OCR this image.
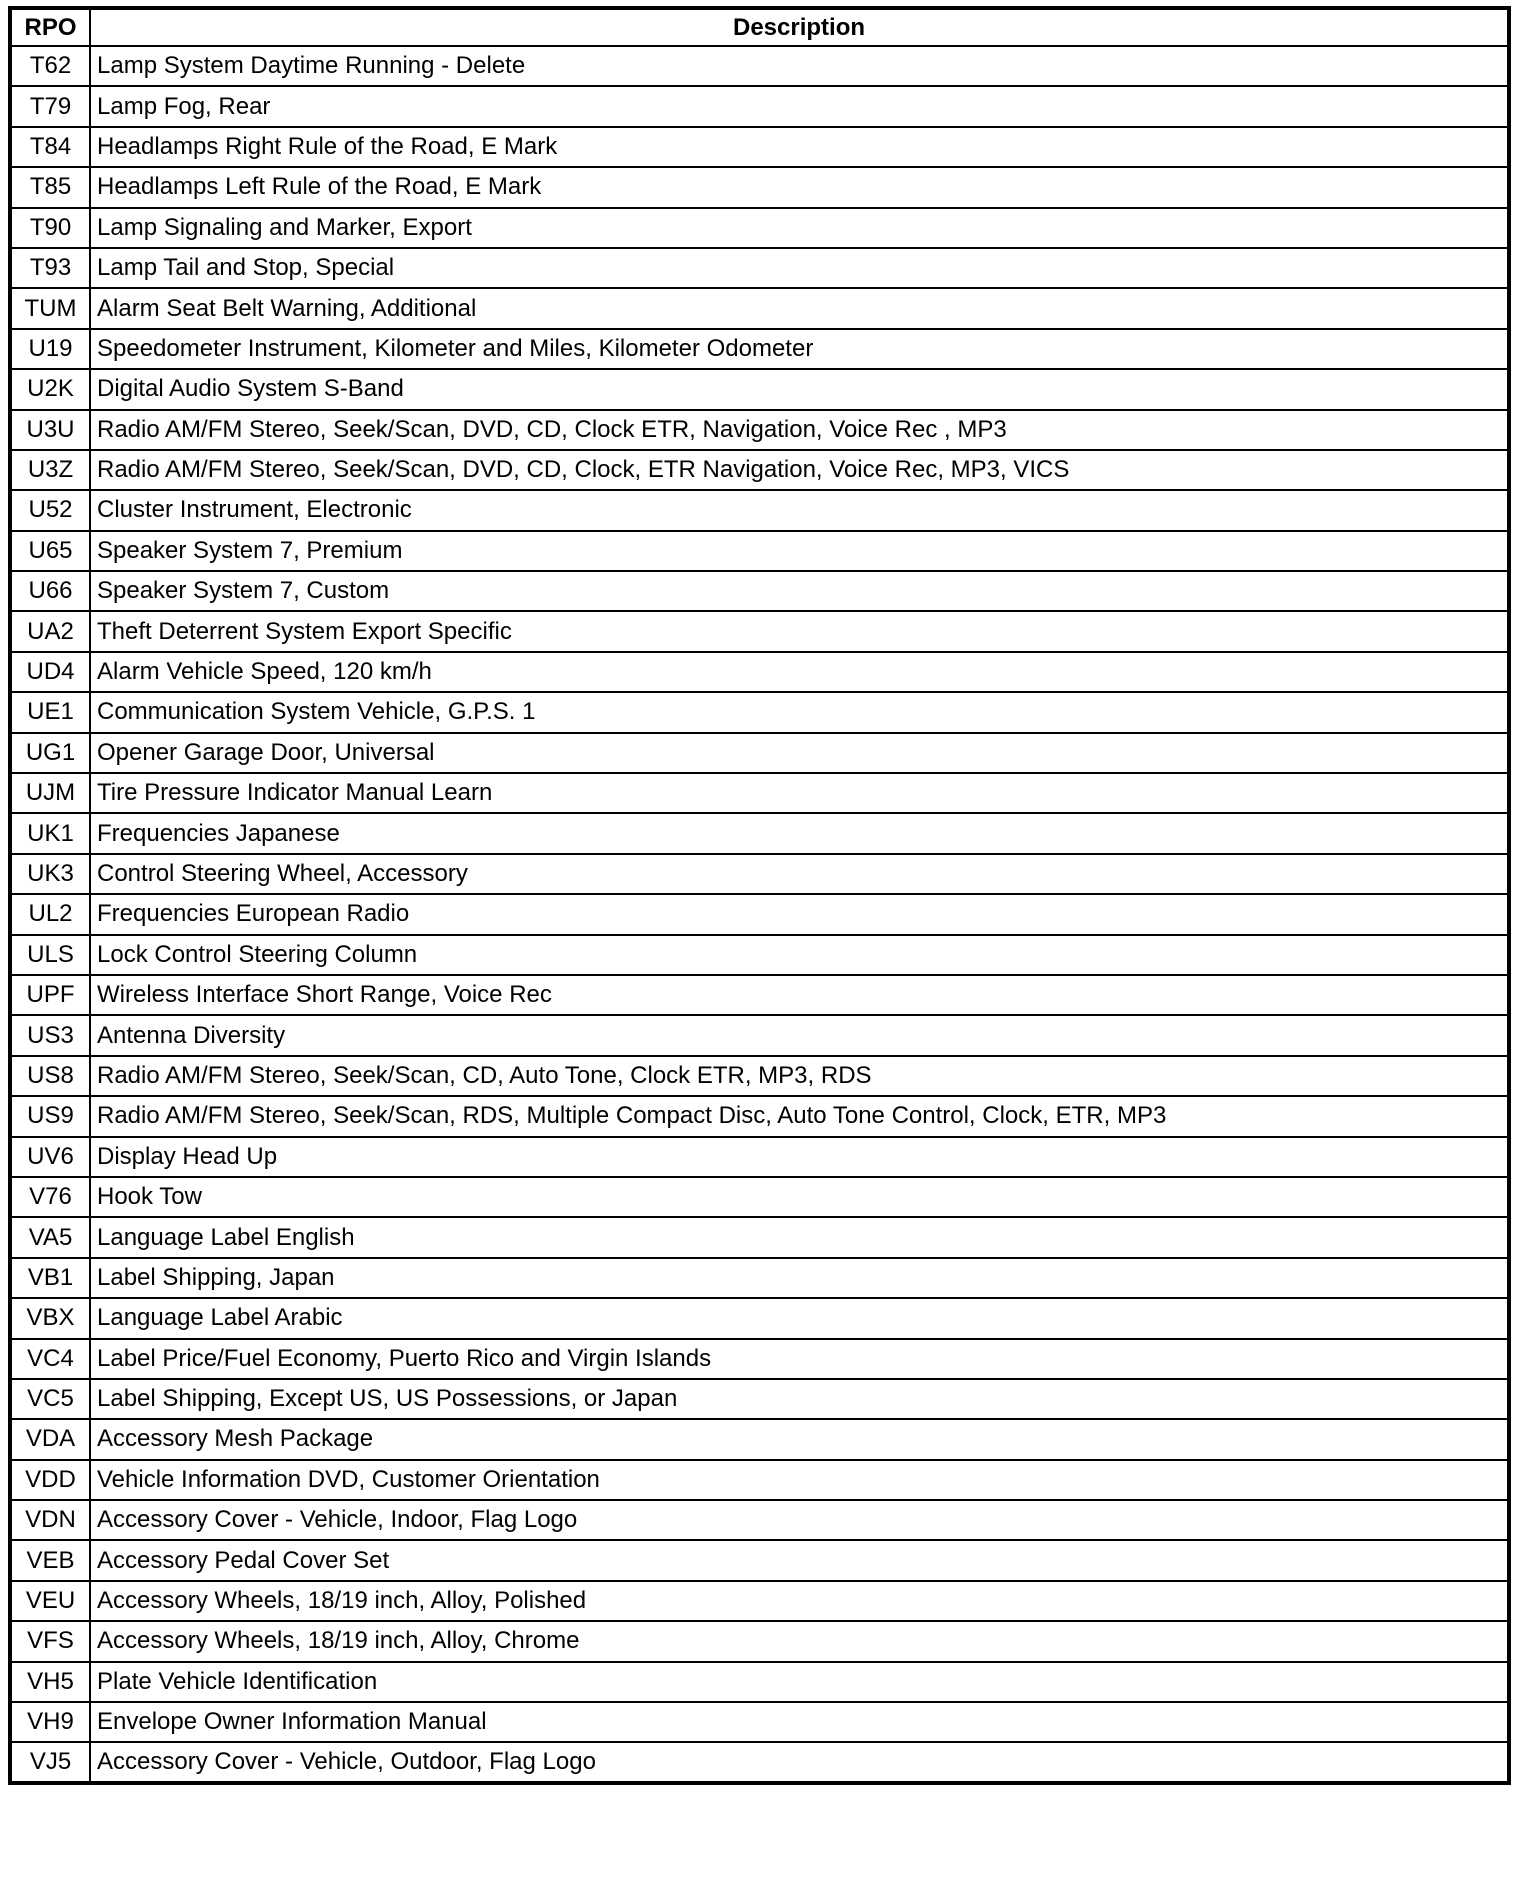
RPO	Description
T62	Lamp System Daytime Running - Delete
T79	Lamp Fog, Rear
T84	Headlamps Right Rule of the Road, E Mark
T85	Headlamps Left Rule of the Road, E Mark
T90	Lamp Signaling and Marker, Export
T93	Lamp Tail and Stop, Special
TUM	Alarm Seat Belt Warning, Additional
U19	Speedometer Instrument, Kilometer and Miles, Kilometer Odometer
U2K	Digital Audio System S-Band
U3U	Radio AM/FM Stereo, Seek/Scan, DVD, CD, Clock ETR, Navigation, Voice Rec , MP3
U3Z	Radio AM/FM Stereo, Seek/Scan, DVD, CD, Clock, ETR Navigation, Voice Rec, MP3, VICS
U52	Cluster Instrument, Electronic
U65	Speaker System 7, Premium
U66	Speaker System 7, Custom
UA2	Theft Deterrent System Export Specific
UD4	Alarm Vehicle Speed, 120 km/h
UE1	Communication System Vehicle, G.P.S. 1
UG1	Opener Garage Door, Universal
UJM	Tire Pressure Indicator Manual Learn
UK1	Frequencies Japanese
UK3	Control Steering Wheel, Accessory
UL2	Frequencies European Radio
ULS	Lock Control Steering Column
UPF	Wireless Interface Short Range, Voice Rec
US3	Antenna Diversity
US8	Radio AM/FM Stereo, Seek/Scan, CD, Auto Tone, Clock ETR, MP3, RDS
US9	Radio AM/FM Stereo, Seek/Scan, RDS, Multiple Compact Disc, Auto Tone Control, Clock, ETR, MP3
UV6	Display Head Up
V76	Hook Tow
VA5	Language Label English
VB1	Label Shipping, Japan
VBX	Language Label Arabic
VC4	Label Price/Fuel Economy, Puerto Rico and Virgin Islands
VC5	Label Shipping, Except US, US Possessions, or Japan
VDA	Accessory Mesh Package
VDD	Vehicle Information DVD, Customer Orientation
VDN	Accessory Cover - Vehicle, Indoor, Flag Logo
VEB	Accessory Pedal Cover Set
VEU	Accessory Wheels, 18/19 inch, Alloy, Polished
VFS	Accessory Wheels, 18/19 inch, Alloy, Chrome
VH5	Plate Vehicle Identification
VH9	Envelope Owner Information Manual
VJ5	Accessory Cover - Vehicle, Outdoor, Flag Logo
